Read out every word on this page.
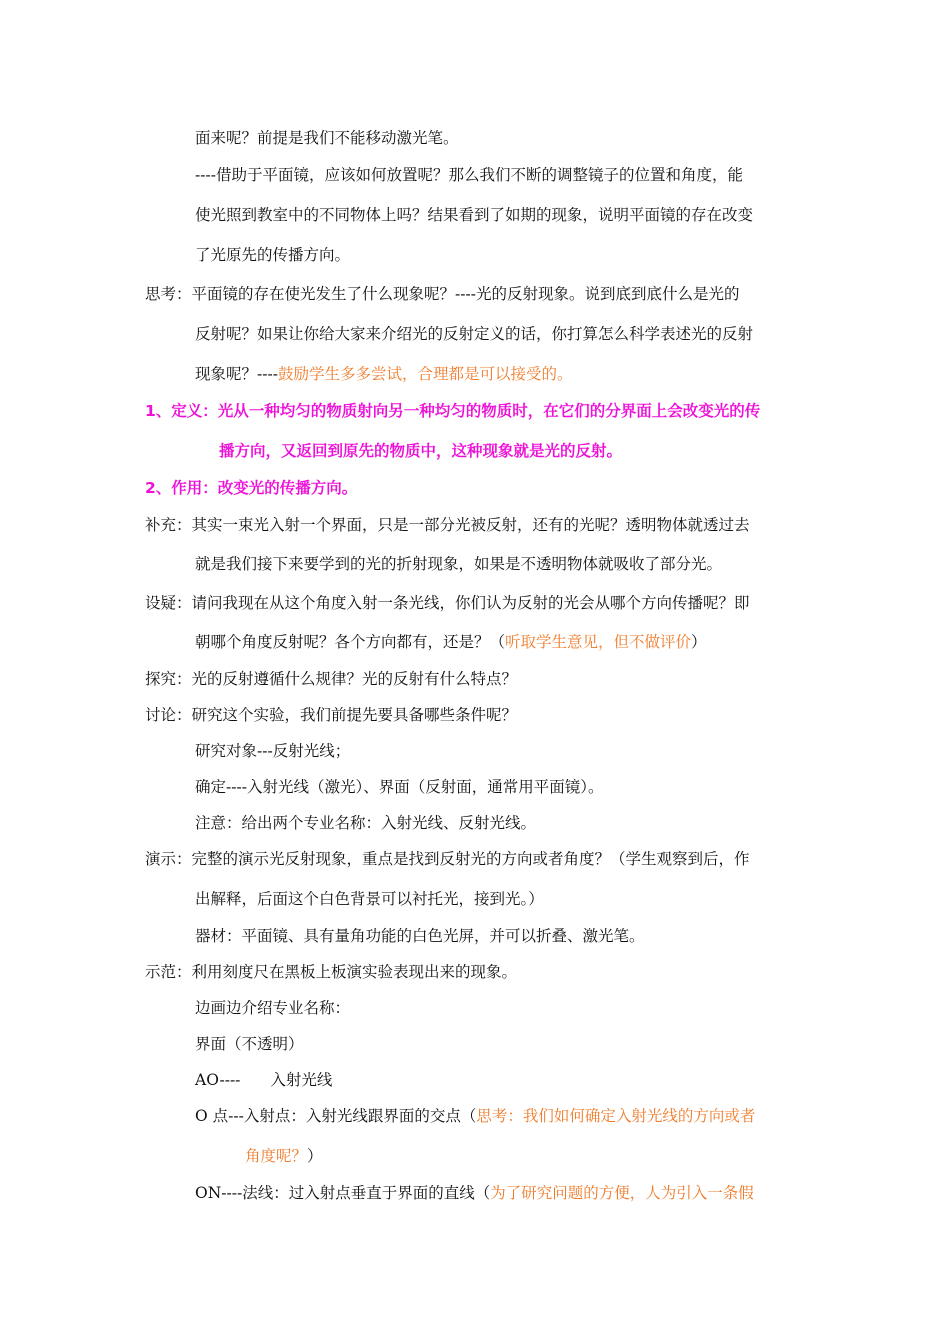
面来呢？前提是我们不能移动激光笔。
----借助于平面镜，应该如何放置呢？那么我们不断的调整镜子的位置和角度，能
使光照到教室中的不同物体上吗？结果看到了如期的现象，说明平面镜的存在改变
了光原先的传播方向。
思考：平面镜的存在使光发生了什么现象呢？----光的反射现象。说到底到底什么是光的
反射呢？如果让你给大家来介绍光的反射定义的话，你打算怎么科学表述光的反射
现象呢？----鼓励学生多多尝试，合理都是可以接受的。
1、定义：光从一种均匀的物质射向另一种均匀的物质时，在它们的分界面上会改变光的传
播方向，又返回到原先的物质中，这种现象就是光的反射。
2、作用：改变光的传播方向。
补充：其实一束光入射一个界面，只是一部分光被反射，还有的光呢？透明物体就透过去
就是我们接下来要学到的光的折射现象，如果是不透明物体就吸收了部分光。
设疑：请问我现在从这个角度入射一条光线，你们认为反射的光会从哪个方向传播呢？即
朝哪个角度反射呢？各个方向都有，还是？（听取学生意见，但不做评价）
探究：光的反射遵循什么规律？光的反射有什么特点？
讨论：研究这个实验，我们前提先要具备哪些条件呢？
研究对象---反射光线；
确定----入射光线（激光）、界面（反射面，通常用平面镜）。
注意：给出两个专业名称：入射光线、反射光线。
演示：完整的演示光反射现象，重点是找到反射光的方向或者角度？（学生观察到后，作
出解释，后面这个白色背景可以衬托光，接到光。）
器材：平面镜、具有量角功能的白色光屏，并可以折叠、激光笔。
示范：利用刻度尺在黑板上板演实验表现出来的现象。
边画边介绍专业名称：
界面（不透明）
AO---- 入射光线
O 点---入射点：入射光线跟界面的交点（思考：我们如何确定入射光线的方向或者
角度呢？）
ON----法线：过入射点垂直于界面的直线（为了研究问题的方便，人为引入一条假
